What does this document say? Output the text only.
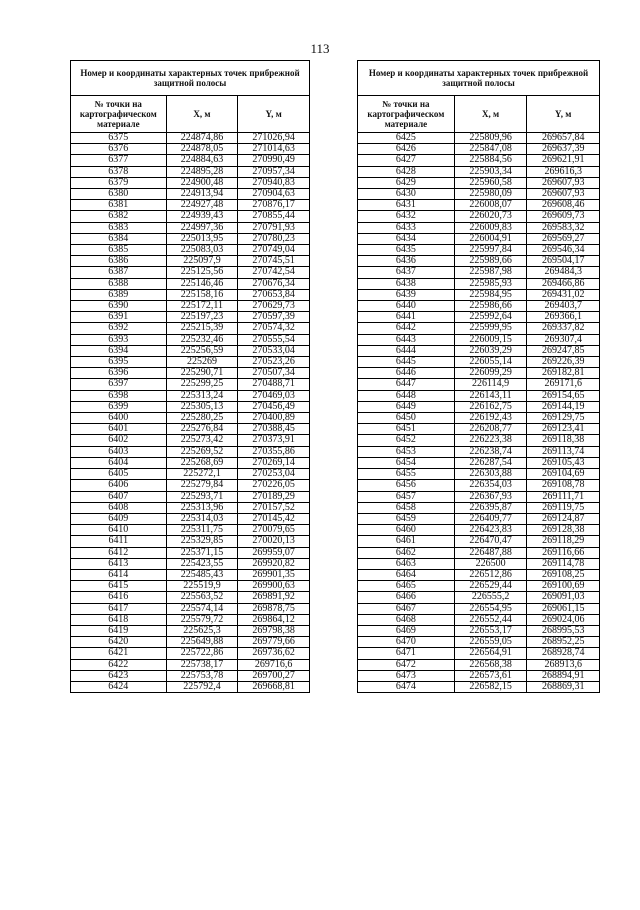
113
Номер и координаты характерных точек прибрежной защитной полосы		
№ точки на картографическом материале	X, м	Y, м
6375	224874,86	271026,94
6376	224878,05	271014,63
6377	224884,63	270990,49
6378	224895,28	270957,34
6379	224900,48	270940,83
6380	224913,94	270904,63
6381	224927,48	270876,17
6382	224939,43	270855,44
6383	224997,36	270791,93
6384	225013,95	270780,23
6385	225083,03	270749,04
6386	225097,9	270745,51
6387	225125,56	270742,54
6388	225146,46	270676,34
6389	225158,16	270653,84
6390	225172,11	270629,73
6391	225197,23	270597,39
6392	225215,39	270574,32
6393	225232,46	270555,54
6394	225256,59	270533,04
6395	225269	270523,26
6396	225290,71	270507,34
6397	225299,25	270488,71
6398	225313,24	270469,03
6399	225305,13	270456,49
6400	225280,25	270400,89
6401	225276,84	270388,45
6402	225273,42	270373,91
6403	225269,52	270355,86
6404	225268,69	270269,14
6405	225272,1	270253,04
6406	225279,84	270226,05
6407	225293,71	270189,29
6408	225313,96	270157,52
6409	225314,03	270145,42
6410	225311,75	270079,65
6411	225329,85	270020,13
6412	225371,15	269959,07
6413	225423,55	269920,82
6414	225485,43	269901,35
6415	225519,9	269900,63
6416	225563,52	269891,92
6417	225574,14	269878,75
6418	225579,72	269864,12
6419	225625,3	269798,38
6420	225649,88	269779,66
6421	225722,86	269736,62
6422	225738,17	269716,6
6423	225753,78	269700,27
6424	225792,4	269668,81
Номер и координаты характерных точек прибрежной защитной полосы		
№ точки на картографическом материале	X, м	Y, м
6425	225809,96	269657,84
6426	225847,08	269637,39
6427	225884,56	269621,91
6428	225903,34	269616,3
6429	225960,58	269607,93
6430	225980,09	269607,93
6431	226008,07	269608,46
6432	226020,73	269609,73
6433	226009,83	269583,32
6434	226004,91	269569,27
6435	225997,84	269546,34
6436	225989,66	269504,17
6437	225987,98	269484,3
6438	225985,93	269466,86
6439	225984,95	269431,02
6440	225986,66	269403,7
6441	225992,64	269366,1
6442	225999,95	269337,82
6443	226009,15	269307,4
6444	226039,29	269247,85
6445	226055,14	269226,39
6446	226099,29	269182,81
6447	226114,9	269171,6
6448	226143,11	269154,65
6449	226162,75	269144,19
6450	226192,43	269129,75
6451	226208,77	269123,41
6452	226223,38	269118,38
6453	226238,74	269113,74
6454	226287,54	269105,43
6455	226303,88	269104,69
6456	226354,03	269108,78
6457	226367,93	269111,71
6458	226395,87	269119,75
6459	226409,77	269124,87
6460	226423,83	269128,38
6461	226470,47	269118,29
6462	226487,88	269116,66
6463	226500	269114,78
6464	226512,86	269108,25
6465	226529,44	269100,69
6466	226555,2	269091,03
6467	226554,95	269061,15
6468	226552,44	269024,06
6469	226553,17	268995,53
6470	226559,05	268952,25
6471	226564,91	268928,74
6472	226568,38	268913,6
6473	226573,61	268894,91
6474	226582,15	268869,31
